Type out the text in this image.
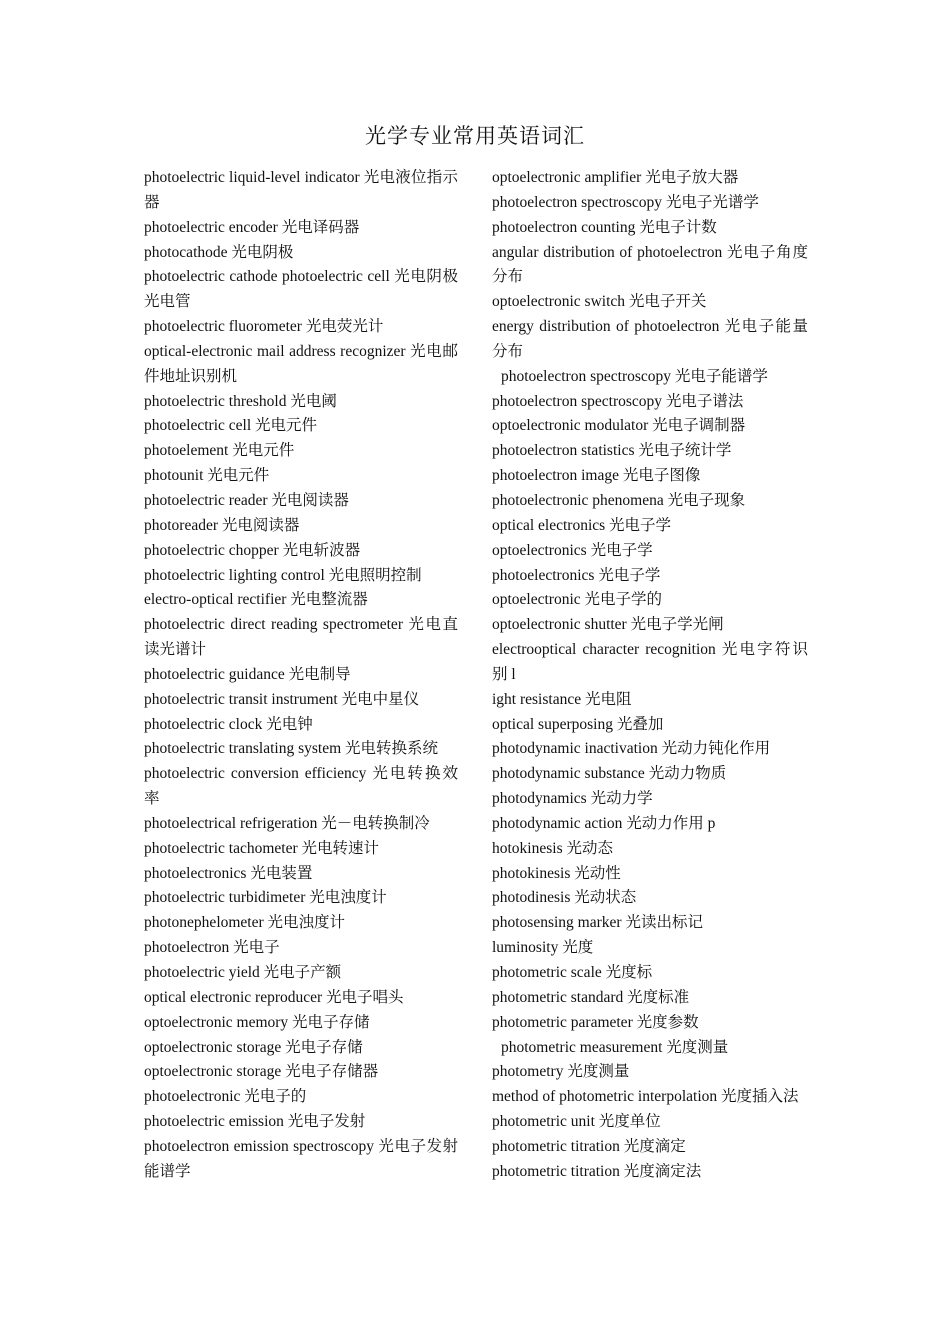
光学专业常用英语词汇

photoelectric liquid-level indicator 光电液位指示器

photoelectric encoder 光电译码器

photocathode 光电阴极

photoelectric cathode photoelectric cell 光电阴极光电管

photoelectric fluorometer 光电荧光计

optical-electronic mail address recognizer 光电邮件地址识别机

photoelectric threshold 光电阈

photoelectric cell 光电元件

photoelement 光电元件

photounit 光电元件

photoelectric reader 光电阅读器

photoreader 光电阅读器

photoelectric chopper 光电斩波器

photoelectric lighting control 光电照明控制

electro-optical rectifier 光电整流器

photoelectric direct reading spectrometer 光电直读光谱计

photoelectric guidance 光电制导

photoelectric transit instrument 光电中星仪

photoelectric clock 光电钟

photoelectric translating system 光电转换系统

photoelectric conversion efficiency 光电转换效率

photoelectrical refrigeration 光－电转换制冷

photoelectric tachometer 光电转速计

photoelectronics 光电装置

photoelectric turbidimeter 光电浊度计

photonephelometer 光电浊度计

photoelectron 光电子

photoelectric yield 光电子产额

optical electronic reproducer 光电子唱头

optoelectronic memory 光电子存储

optoelectronic storage 光电子存储

optoelectronic storage 光电子存储器

photoelectronic 光电子的

photoelectric emission 光电子发射

photoelectron emission spectroscopy 光电子发射能谱学

optoelectronic amplifier 光电子放大器

photoelectron spectroscopy 光电子光谱学

photoelectron counting 光电子计数

angular distribution of photoelectron 光电子角度分布

optoelectronic switch 光电子开关

energy distribution of photoelectron 光电子能量分布

photoelectron spectroscopy 光电子能谱学

photoelectron spectroscopy 光电子谱法

optoelectronic modulator 光电子调制器

photoelectron statistics 光电子统计学

photoelectron image 光电子图像

photoelectronic phenomena 光电子现象

optical electronics 光电子学

optoelectronics 光电子学

photoelectronics 光电子学

optoelectronic 光电子学的

optoelectronic shutter 光电子学光闸

electrooptical character recognition 光电字符识别 l

ight resistance 光电阻

optical superposing 光叠加

photodynamic inactivation 光动力钝化作用

photodynamic substance 光动力物质

photodynamics 光动力学

photodynamic action 光动力作用 p

hotokinesis 光动态

photokinesis 光动性

photodinesis 光动状态

photosensing marker 光读出标记

luminosity 光度

photometric scale 光度标

photometric standard 光度标准

photometric parameter 光度参数

photometric measurement 光度测量

photometry 光度测量

method of photometric interpolation 光度插入法

photometric unit 光度单位

photometric titration 光度滴定

photometric titration 光度滴定法
